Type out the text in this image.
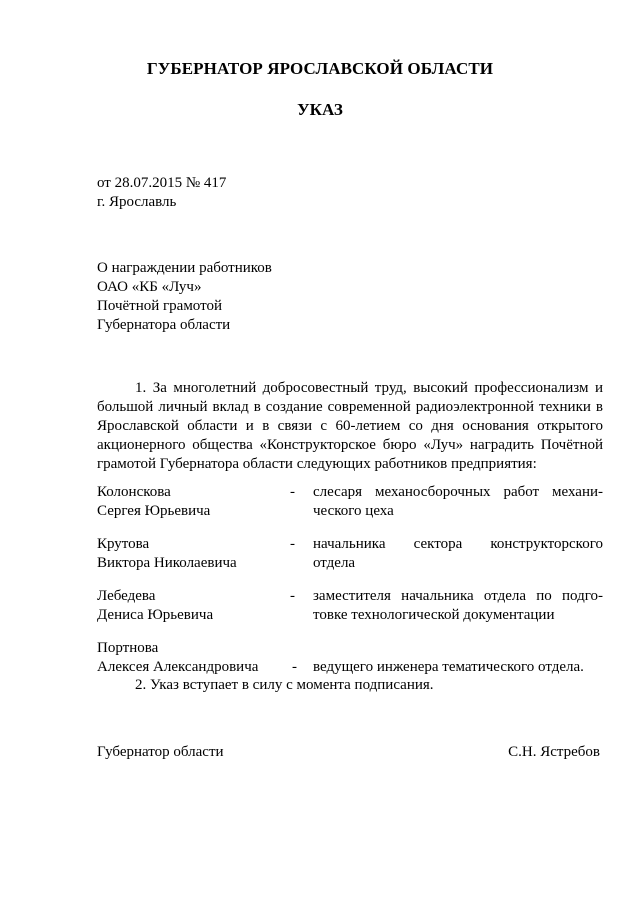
ГУБЕРНАТОР ЯРОСЛАВСКОЙ ОБЛАСТИ
УКАЗ
от 28.07.2015 № 417
г. Ярославль
О награждении работников
ОАО «КБ «Луч»
Почётной грамотой
Губернатора области
1. За многолетний добросовестный труд, высокий профессионализм и большой личный вклад в создание современной радиоэлектронной техники в Ярославской области и в связи с 60-летием со дня основания открытого акционерного общества «Конструкторское бюро «Луч» наградить Почётной грамотой Губернатора области следующих работников предприятия:
Колонскова
Сергея Юрьевича
- слесаря механосборочных работ механи-
ческого цеха
Крутова
Виктора Николаевича
- начальника сектора конструкторского
отдела
Лебедева
Дениса Юрьевича
- заместителя начальника отдела по подго-
товке технологической документации
Портнова
Алексея Александровича	- ведущего инженера тематического отдела.
2. Указ вступает в силу с момента подписания.
Губернатор области	С.Н. Ястребов
